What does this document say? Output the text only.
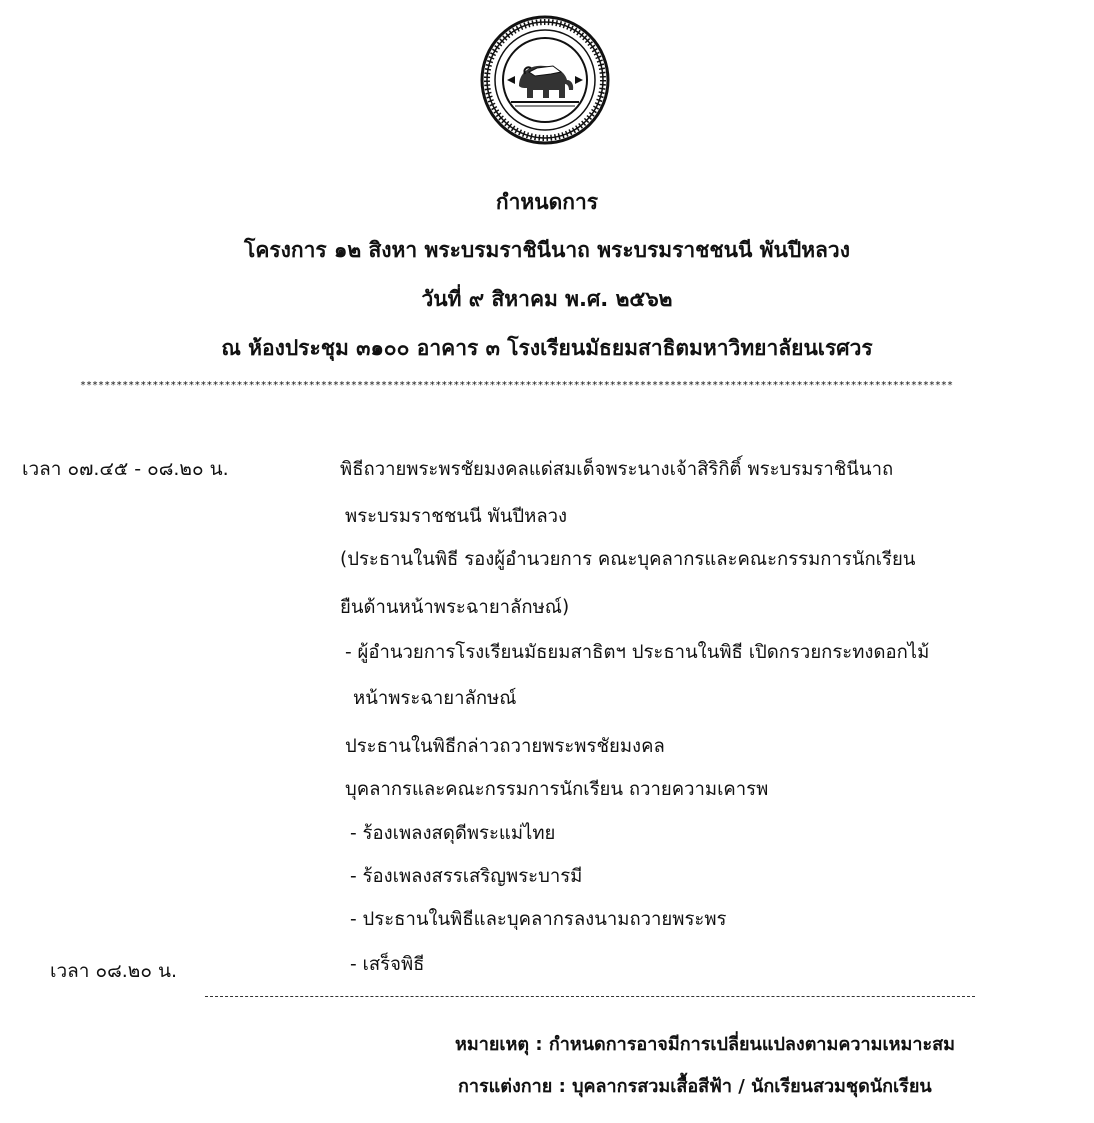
กำหนดการ
โครงการ ๑๒ สิงหา พระบรมราชินีนาถ พระบรมราชชนนี พันปีหลวง
วันที่ ๙ สิหาคม พ.ศ. ๒๕๖๒
ณ ห้องประชุม ๓๑๐๐ อาคาร ๓ โรงเรียนมัธยมสาธิตมหาวิทยาลัยนเรศวร
*************************************************************************************************************************************************
เวลา ๐๗.๔๕ - ๐๘.๒๐ น.
เวลา ๐๘.๒๐ น.
พิธีถวายพระพรชัยมงคลแด่สมเด็จพระนางเจ้าสิริกิติ์ พระบรมราชินีนาถ
พระบรมราชชนนี พันปีหลวง
(ประธานในพิธี รองผู้อำนวยการ คณะบุคลากรและคณะกรรมการนักเรียน
ยืนด้านหน้าพระฉายาลักษณ์)
- ผู้อำนวยการโรงเรียนมัธยมสาธิตฯ ประธานในพิธี เปิดกรวยกระทงดอกไม้
หน้าพระฉายาลักษณ์
ประธานในพิธีกล่าวถวายพระพรชัยมงคล
บุคลากรและคณะกรรมการนักเรียน ถวายความเคารพ
- ร้องเพลงสดุดีพระแม่ไทย
- ร้องเพลงสรรเสริญพระบารมี
- ประธานในพิธีและบุคลากรลงนามถวายพระพร
- เสร็จพิธี
หมายเหตุ : กำหนดการอาจมีการเปลี่ยนแปลงตามความเหมาะสม
การแต่งกาย : บุคลากรสวมเสื้อสีฟ้า / นักเรียนสวมชุดนักเรียน
